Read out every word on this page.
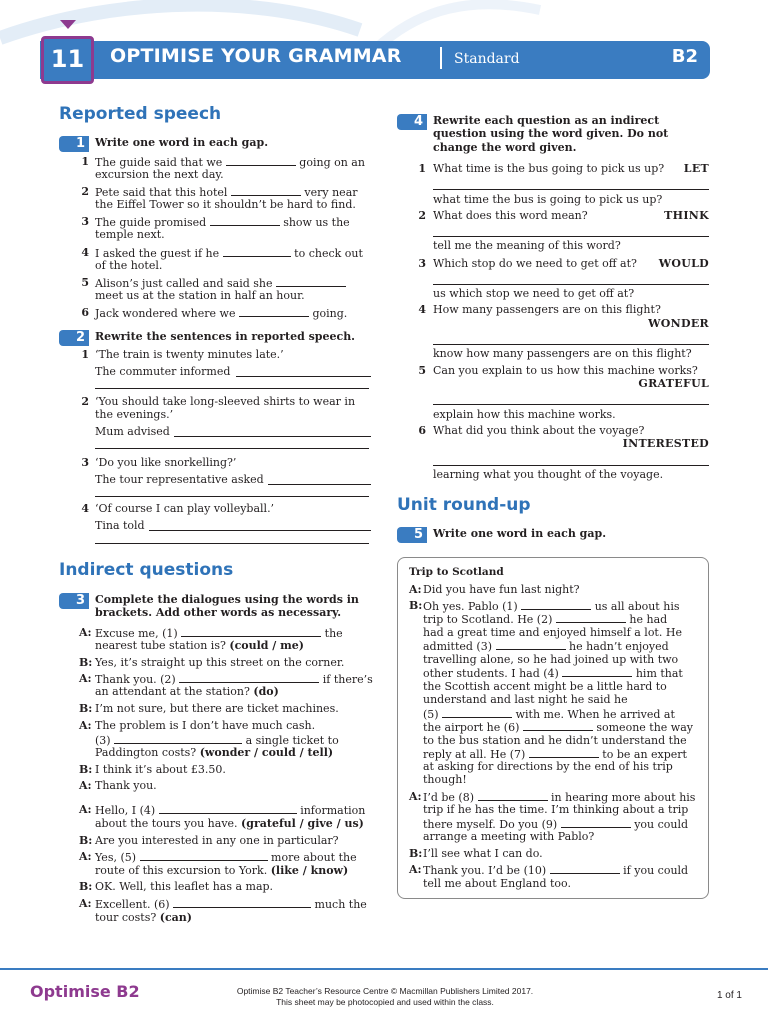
11	OPTIMISE YOUR GRAMMAR	Standard	B2
Reported speech
1 Write one word in each gap.
1 The guide said that we	going on an
excursion the next day.
2 Pete said that this hotel	very near
the Eiffel Tower so it shouldn’t be hard to find.
3 The guide promised	show us the
temple next.
4 I asked the guest if he	to check out
of the hotel.
5 Alison’s just called and said she
meet us at the station in half an hour.
6 Jack wondered where we	going.
2 Rewrite the sentences in reported speech.
1 ‘The train is twenty minutes late.’
The commuter informed
2 ‘You should take long-sleeved shirts to wear in
the evenings.’
Mum advised
3 ‘Do you like snorkelling?’
The tour representative asked
4 ‘Of course I can play volleyball.’
Tina told
Indirect questions
3 Complete the dialogues using the words in
brackets. Add other words as necessary.
A: Excuse me, (1)	the
nearest tube station is? (could / me)
B: Yes, it’s straight up this street on the corner.
A: Thank you. (2)	if there’s
an attendant at the station? (do)
B: I’m not sure, but there are ticket machines.
A: The problem is I don’t have much cash.
(3)	a single ticket to
Paddington costs? (wonder / could / tell)
B: I think it’s about £3.50.
A: Thank you.
A: Hello, I (4)	information
about the tours you have. (grateful / give / us)
B: Are you interested in any one in particular?
A: Yes, (5)	more about the
route of this excursion to York. (like / know)
B: OK. Well, this leaflet has a map.
A: Excellent. (6)	much the
tour costs? (can)
4 Rewrite each question as an indirect
question using the word given. Do not
change the word given.
1 What time is the bus going to pick us up?	LET
what time the bus is going to pick us up?
2 What does this word mean?	THINK
tell me the meaning of this word?
3 Which stop do we need to get off at?	WOULD
us which stop we need to get off at?
4 How many passengers are on this flight?
WONDER
know how many passengers are on this flight?
5 Can you explain to us how this machine works?
GRATEFUL
explain how this machine works.
6 What did you think about the voyage?
INTERESTED
learning what you thought of the voyage.
Unit round-up
5 Write one word in each gap.
Trip to Scotland
A: Did you have fun last night?
B: Oh yes. Pablo (1)	us all about his
trip to Scotland. He (2)	he had
had a great time and enjoyed himself a lot. He
admitted (3)	he hadn’t enjoyed
travelling alone, so he had joined up with two
other students. I had (4)	him that
the Scottish accent might be a little hard to
understand and last night he said he
(5)	with me. When he arrived at
the airport he (6)	someone the way
to the bus station and he didn’t understand the
reply at all. He (7)	to be an expert
at asking for directions by the end of his trip
though!
A: I’d be (8)	in hearing more about his
trip if he has the time. I’m thinking about a trip
there myself. Do you (9)	you could
arrange a meeting with Pablo?
B: I’ll see what I can do.
A: Thank you. I’d be (10)	if you could
tell me about England too.
Optimise B2	Optimise B2 Teacher’s Resource Centre © Macmillan Publishers Limited 2017.
This sheet may be photocopied and used within the class.
1 of 1
